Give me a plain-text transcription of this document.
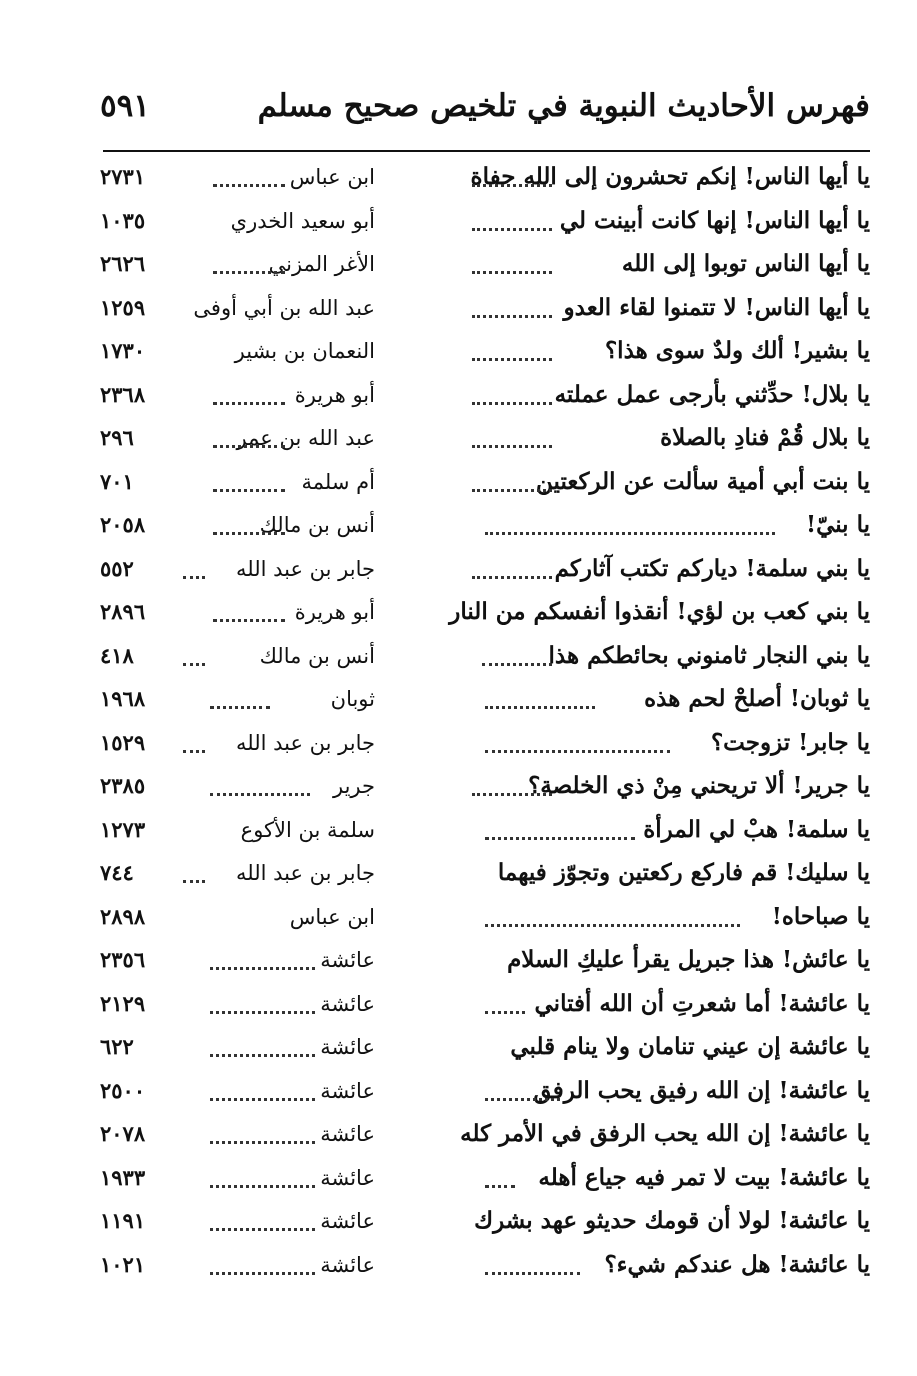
فهرس الأحاديث النبوية في تلخيص صحيح مسلم
٥٩١
يا أيها الناس! إنكم تحشرون إلى الله حفاة
ابن عباس
٢٧٣١
يا أيها الناس! إنها كانت أبينت لي
أبو سعيد الخدري
١٠٣٥
يا أيها الناس توبوا إلى الله
الأغر المزني
٢٦٢٦
يا أيها الناس! لا تتمنوا لقاء العدو
عبد الله بن أبي أوفى
١٢٥٩
يا بشير! ألك ولدٌ سوى هذا؟
النعمان بن بشير
١٧٣٠
يا بلال! حدِّثني بأرجى عمل عملته
أبو هريرة
٢٣٦٨
يا بلال قُمْ فنادِ بالصلاة
عبد الله بن عمر
٢٩٦
يا بنت أبي أمية سألت عن الركعتين
أم سلمة
٧٠١
يا بنيّ!
أنس بن مالك
٢٠٥٨
يا بني سلمة! دياركم تكتب آثاركم
جابر بن عبد الله
٥٥٢
يا بني كعب بن لؤي! أنقذوا أنفسكم من النار
أبو هريرة
٢٨٩٦
يا بني النجار ثامنوني بحائطكم هذا
أنس بن مالك
٤١٨
يا ثوبان! أصلحْ لحم هذه
ثوبان
١٩٦٨
يا جابر! تزوجت؟
جابر بن عبد الله
١٥٢٩
يا جرير! ألا تريحني مِنْ ذي الخلصة؟
جرير
٢٣٨٥
يا سلمة! هبْ لي المرأة
سلمة بن الأكوع
١٢٧٣
يا سليك! قم فاركع ركعتين وتجوّز فيهما
جابر بن عبد الله
٧٤٤
يا صباحاه!
ابن عباس
٢٨٩٨
يا عائش! هذا جبريل يقرأ عليكِ السلام
عائشة
٢٣٥٦
يا عائشة! أما شعرتِ أن الله أفتاني
عائشة
٢١٢٩
يا عائشة إن عيني تنامان ولا ينام قلبي
عائشة
٦٢٢
يا عائشة! إن الله رفيق يحب الرفق
عائشة
٢٥٠٠
يا عائشة! إن الله يحب الرفق في الأمر كله
عائشة
٢٠٧٨
يا عائشة! بيت لا تمر فيه جياع أهله
عائشة
١٩٣٣
يا عائشة! لولا أن قومك حديثو عهد بشرك
عائشة
١١٩١
يا عائشة! هل عندكم شيء؟
عائشة
١٠٢١
